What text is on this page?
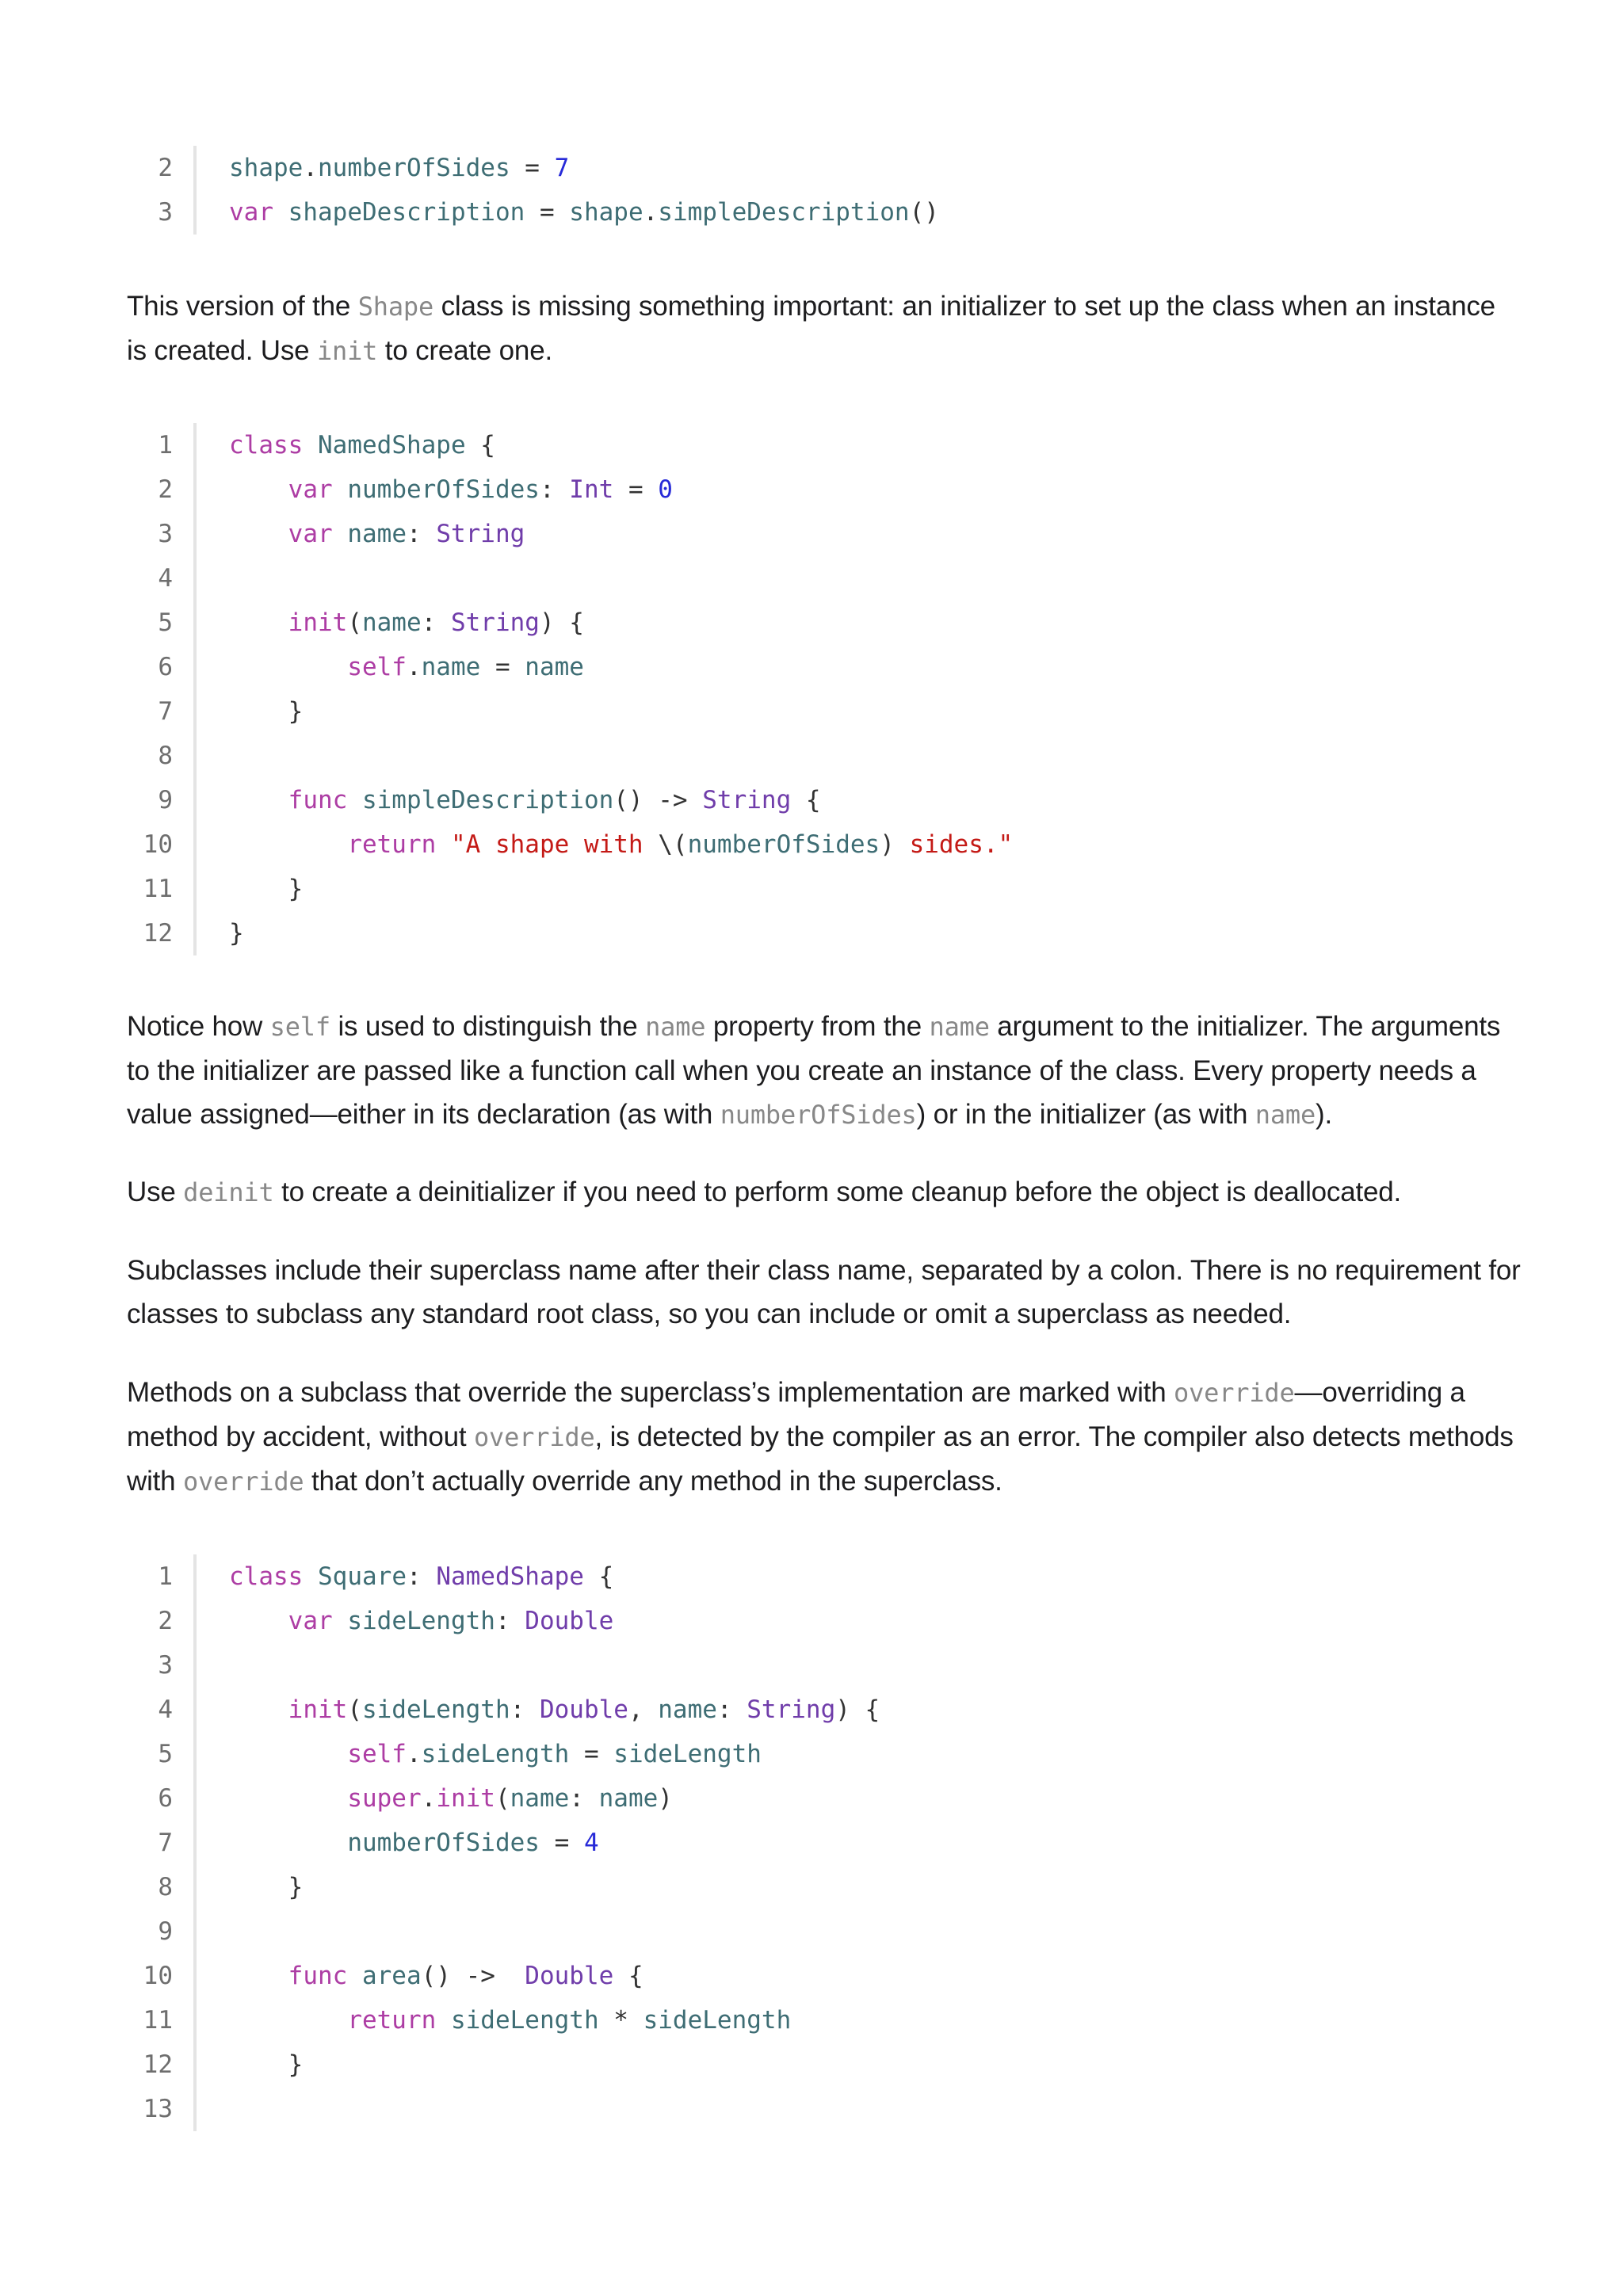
2	shape.numberOfSides = 7
3	var shapeDescription = shape.simpleDescription()

This version of the Shape class is missing something important: an initializer to set up the class when an instance is created. Use init to create one.

1	class NamedShape {
2	var numberOfSides: Int = 0
3	var name: String
4
5	init(name: String) {
6	self.name = name
7	}
8
9	func simpleDescription() -> String {
10	return "A shape with \(numberOfSides) sides."
11	}
12	}

Notice how self is used to distinguish the name property from the name argument to the initializer. The arguments to the initializer are passed like a function call when you create an instance of the class. Every property needs a value assigned—either in its declaration (as with numberOfSides) or in the initializer (as with name).

Use deinit to create a deinitializer if you need to perform some cleanup before the object is deallocated.

Subclasses include their superclass name after their class name, separated by a colon. There is no requirement for classes to subclass any standard root class, so you can include or omit a superclass as needed.

Methods on a subclass that override the superclass’s implementation are marked with override—overriding a method by accident, without override, is detected by the compiler as an error. The compiler also detects methods with override that don’t actually override any method in the superclass.

1	class Square: NamedShape {
2	var sideLength: Double
3
4	init(sideLength: Double, name: String) {
5	self.sideLength = sideLength
6	super.init(name: name)
7	numberOfSides = 4
8	}
9
10	func area() ->  Double {
11	return sideLength * sideLength
12	}
13
